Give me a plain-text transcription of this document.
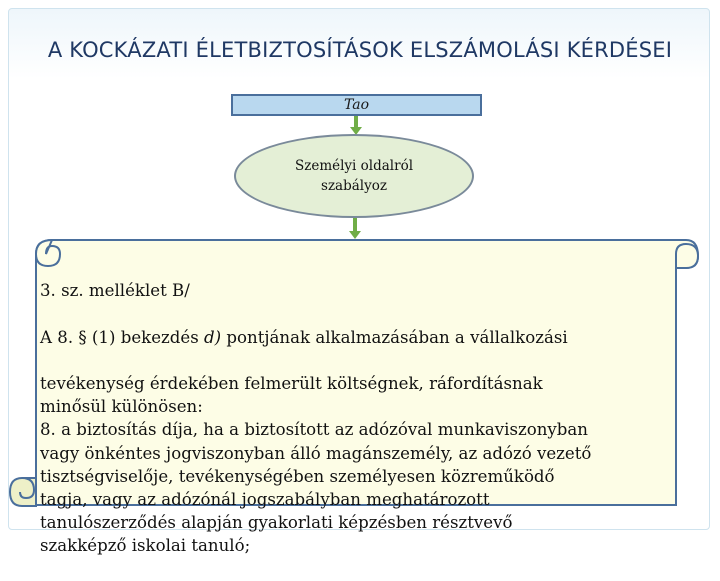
A KOCKÁZATI ÉLETBIZTOSÍTÁSOK ELSZÁMOLÁSI KÉRDÉSEI
Tao
Személyi oldalról szabályoz

3. sz. melléklet B/

A 8. § (1) bekezdés d) pontjának alkalmazásában a vállalkozási

tevékenység érdekében felmerült költségnek, ráfordításnak
minősül különösen:
8. a biztosítás díja, ha a biztosított az adózóval munkaviszonyban
vagy önkéntes jogviszonyban álló magánszemély, az adózó vezető
tisztségviselője, tevékenységében személyesen közreműködő
tagja, vagy az adózónál jogszabályban meghatározott
tanulószerződés alapján gyakorlati képzésben résztvevő
szakképző iskolai tanuló;
